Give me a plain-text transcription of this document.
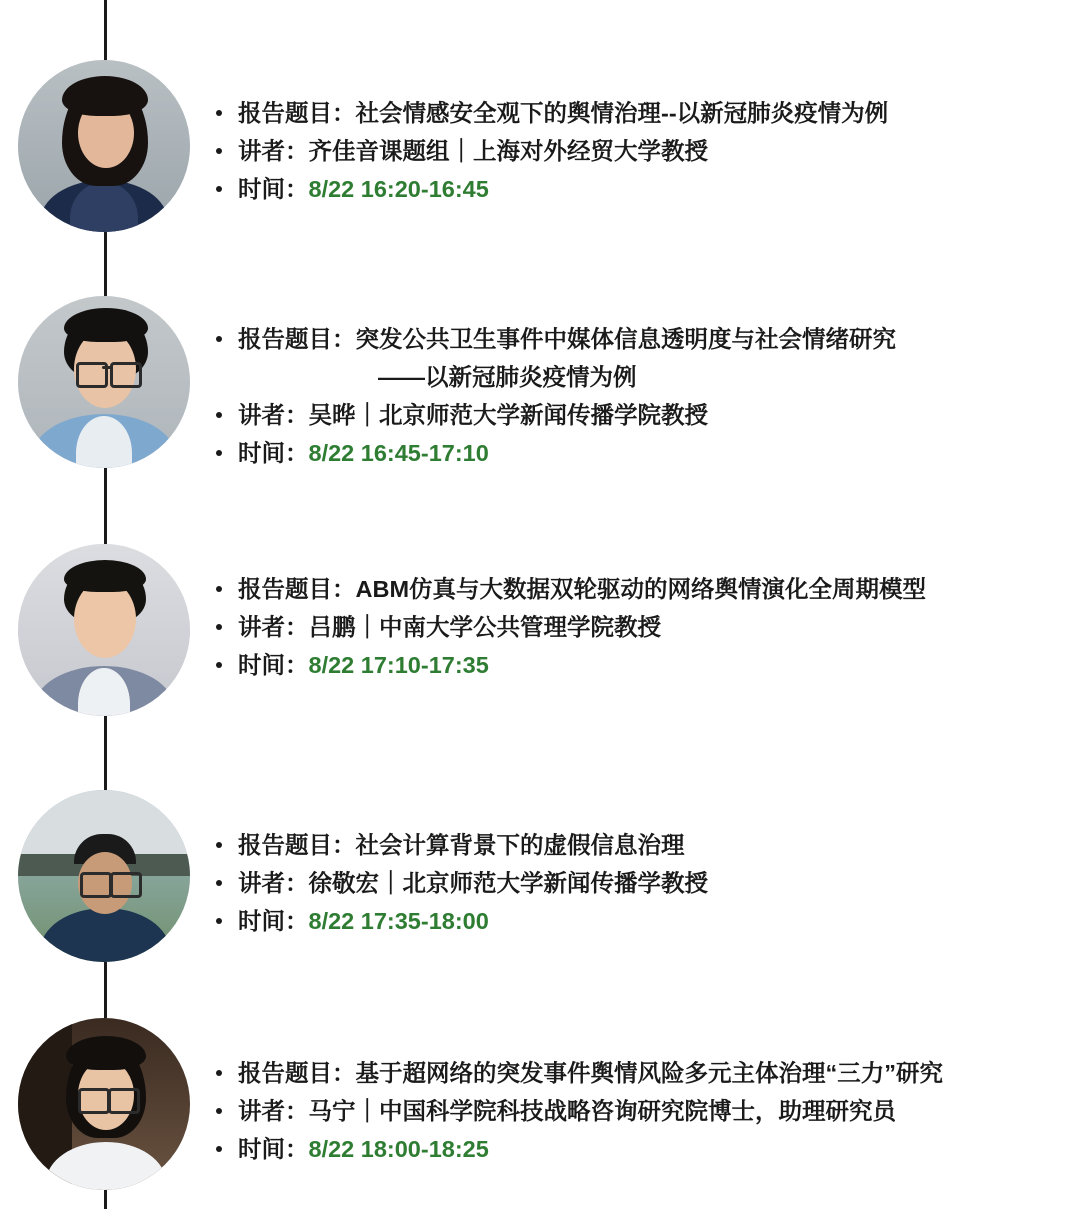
报告题目：社会情感安全观下的舆情治理--以新冠肺炎疫情为例
讲者：齐佳音课题组｜上海对外经贸大学教授
时间：8/22 16:20-16:45
报告题目：突发公共卫生事件中媒体信息透明度与社会情绪研究
——以新冠肺炎疫情为例
讲者：吴晔｜北京师范大学新闻传播学院教授
时间：8/22 16:45-17:10
报告题目：ABM仿真与大数据双轮驱动的网络舆情演化全周期模型
讲者：吕鹏｜中南大学公共管理学院教授
时间：8/22 17:10-17:35
报告题目：社会计算背景下的虚假信息治理
讲者：徐敬宏｜北京师范大学新闻传播学教授
时间：8/22 17:35-18:00
报告题目：基于超网络的突发事件舆情风险多元主体治理“三力”研究
讲者：马宁｜中国科学院科技战略咨询研究院博士，助理研究员
时间：8/22 18:00-18:25
